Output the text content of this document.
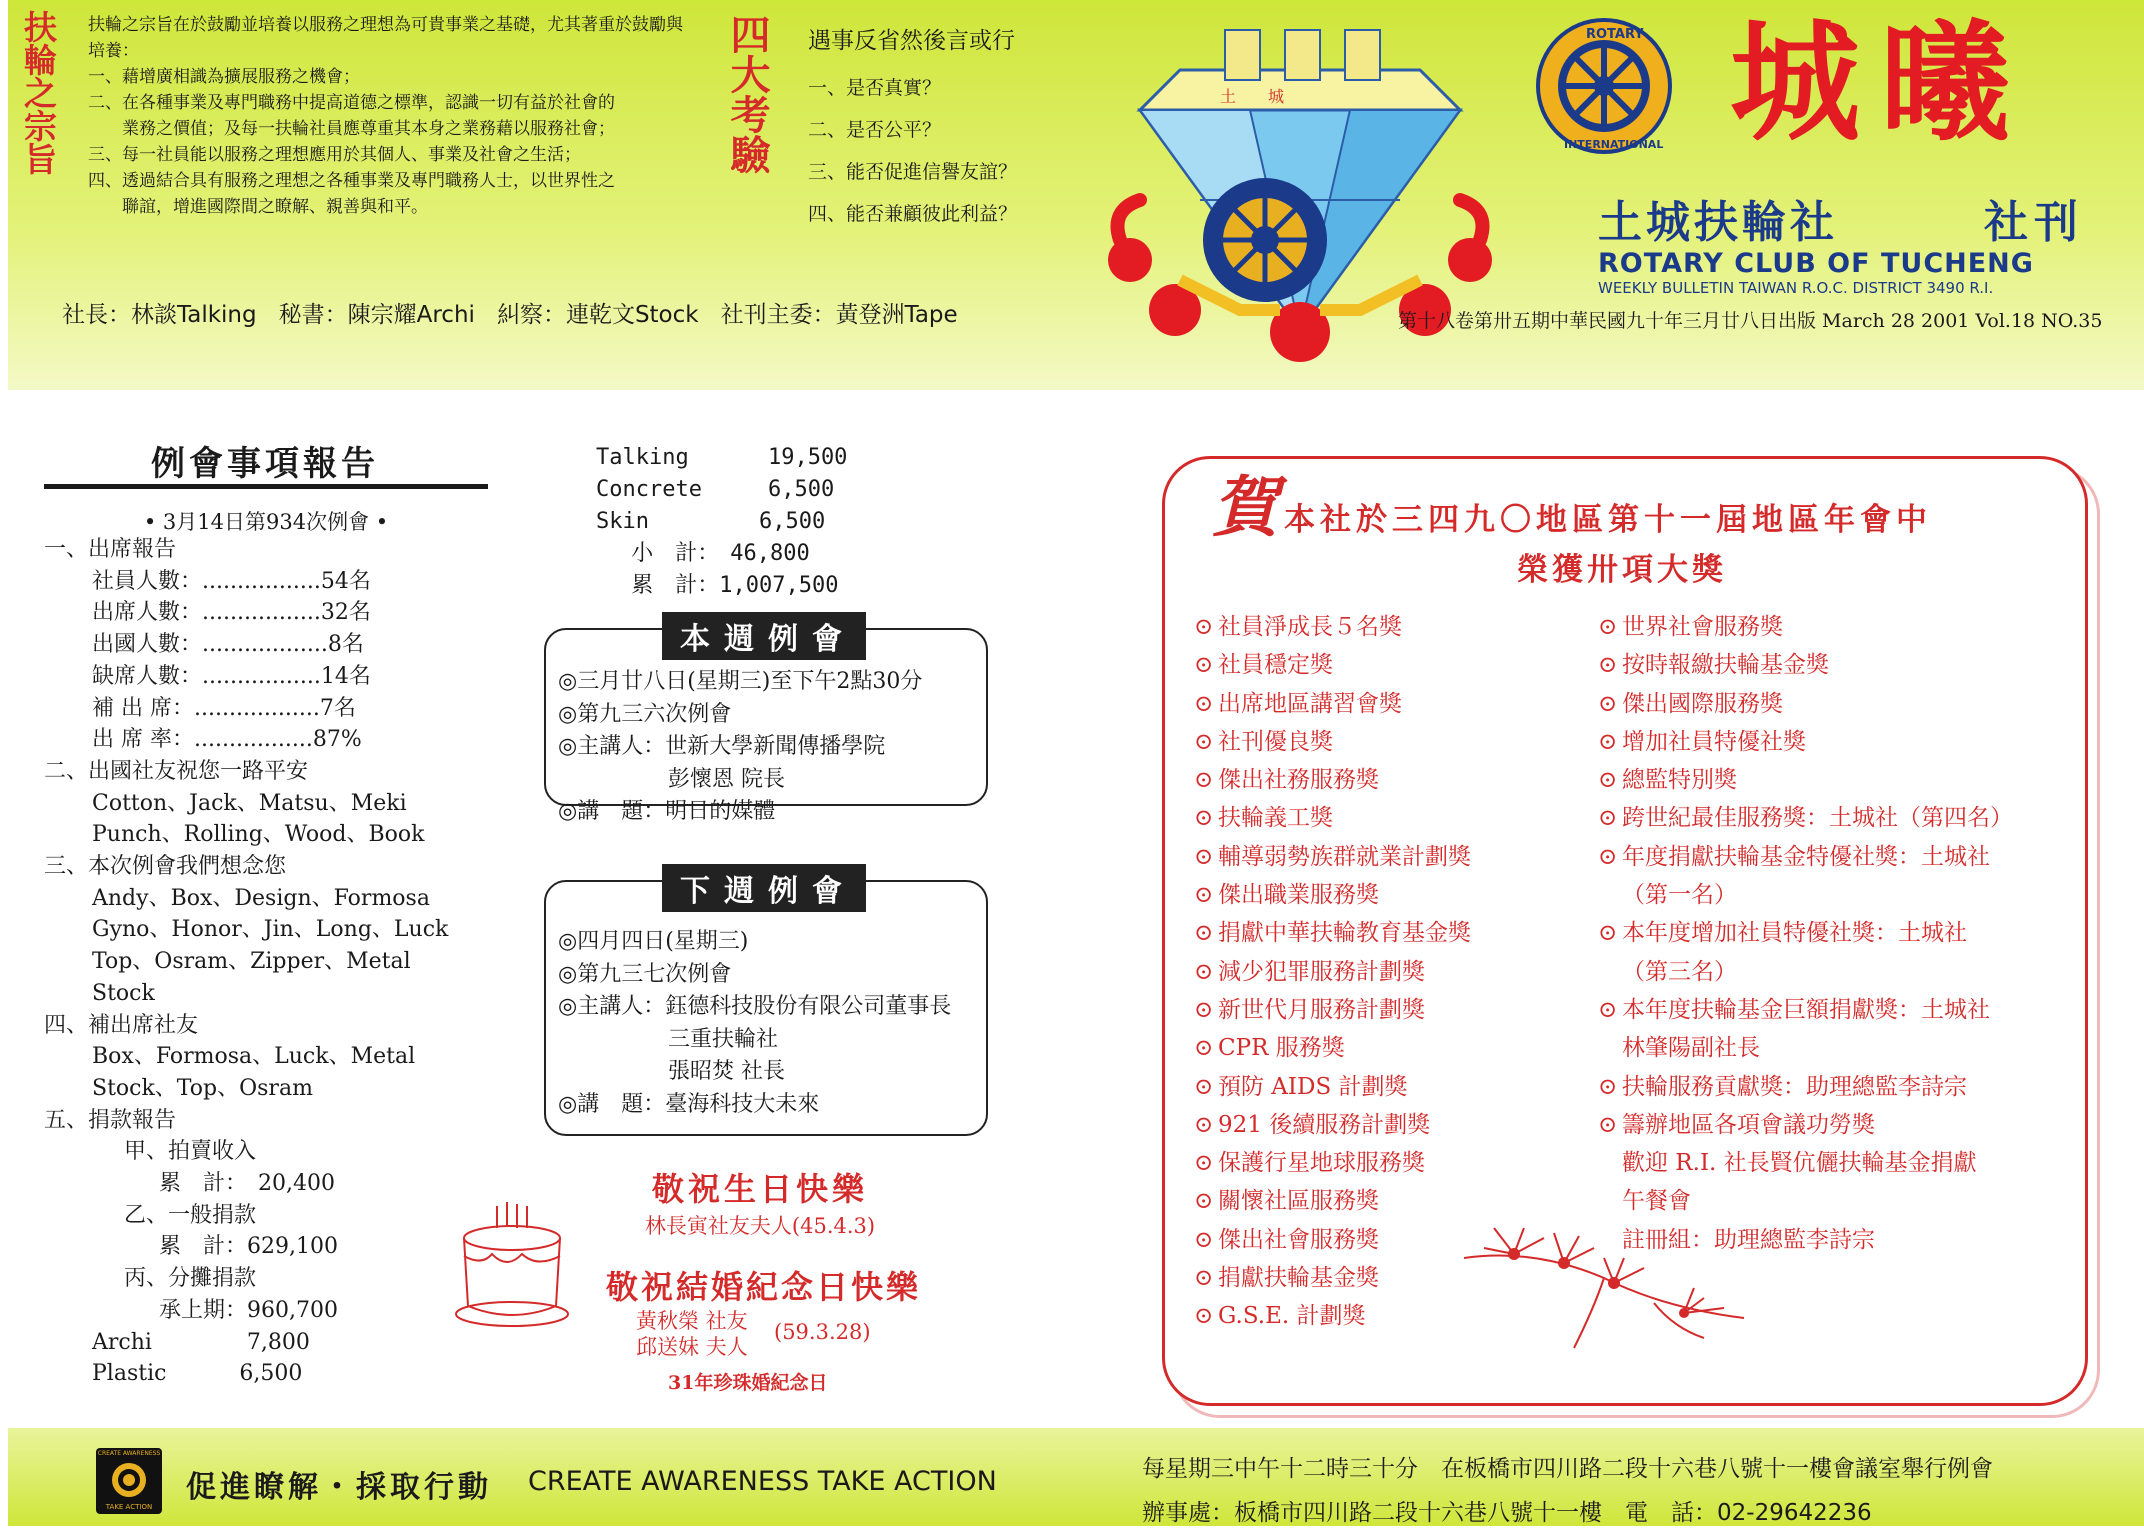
扶輪之宗旨 扶輪之宗旨在於鼓勵並培養以服務之理想為可貴事業之基礎，尤其著重於鼓勵與培養：
一、藉增廣相識為擴展服務之機會；
二、在各種事業及專門職務中提高道德之標準，認識一切有益於社會的
　　業務之價值；及每一扶輪社員應尊重其本身之業務藉以服務社會；
三、每一社員能以服務之理想應用於其個人、事業及社會之生活；
四、透過結合具有服務之理想之各種事業及專門職務人士，以世界性之
　　聯誼，增進國際間之瞭解、親善與和平。
四大考驗	遇事反省然後言或行
一、是否真實？
二、是否公平？
三、能否促進信譽友誼？
四、能否兼顧彼此利益？
社長：林談Talking 秘書：陳宗耀Archi 糾察：連乾文Stock 社刊主委：黃登洲Tape
土　　城
ROTARY
INTERNATIONAL 城曦
土城扶輪社	社刊
ROTARY CLUB OF TUCHENG
WEEKLY BULLETIN TAIWAN R.O.C. DISTRICT 3490 R.I.
第十八卷第卅五期中華民國九十年三月廿八日出版 March 28 2001 Vol.18 NO.35
例會事項報告
• 3月14日第934次例會 •
一、出席報告
社員人數：.................54名
出席人數：.................32名
出國人數：..................8名
缺席人數：.................14名
補 出 席：..................7名
出 席 率：.................87%
二、出國社友祝您一路平安
Cotton、Jack、Matsu、Meki
Punch、Rolling、Wood、Book
三、本次例會我們想念您
Andy、Box、Design、Formosa
Gyno、Honor、Jin、Long、Luck
Top、Osram、Zipper、Metal
Stock
四、補出席社友
Box、Formosa、Luck、Metal
Stock、Top、Osram
五、捐款報告
甲、拍賣收入
累　計：　20,400
乙、一般捐款
累　計：629,100
丙、分攤捐款
承上期：960,700
Archi　　　　 7,800
Plastic　　　 6,500
Talking　　　 19,500
Concrete　　　6,500
Skin　　　　　6,500
　 小　計：　46,800
　 累　計：1,007,500
本週例會
◎三月廿八日(星期三)至下午2點30分
◎第九三六次例會
◎主講人：世新大學新聞傳播學院
　　　　　彭懷恩 院長
◎講　題：明日的媒體
下週例會
◎四月四日(星期三)
◎第九三七次例會
◎主講人：鈺德科技股份有限公司董事長
　　　　　三重扶輪社
　　　　　張昭焚 社長
◎講　題：臺海科技大未來
敬祝生日快樂
林長寅社友夫人(45.4.3)
敬祝結婚紀念日快樂
黃秋榮 社友
邱送妹 夫人
(59.3.28)
31年珍珠婚紀念日
賀 本社於三四九〇地區第十一屆地區年會中
榮獲卅項大獎
⊙ 社員淨成長５名獎
⊙ 社員穩定獎
⊙ 出席地區講習會獎
⊙ 社刊優良獎
⊙ 傑出社務服務獎
⊙ 扶輪義工獎
⊙ 輔導弱勢族群就業計劃獎
⊙ 傑出職業服務獎
⊙ 捐獻中華扶輪教育基金獎
⊙ 減少犯罪服務計劃獎
⊙ 新世代月服務計劃獎
⊙ CPR 服務獎
⊙ 預防 AIDS 計劃獎
⊙ 921 後續服務計劃獎
⊙ 保護行星地球服務獎
⊙ 關懷社區服務獎
⊙ 傑出社會服務獎
⊙ 捐獻扶輪基金獎
⊙ G.S.E. 計劃獎
⊙ 世界社會服務獎
⊙ 按時報繳扶輪基金獎
⊙ 傑出國際服務獎
⊙ 增加社員特優社獎
⊙ 總監特別獎
⊙ 跨世紀最佳服務獎：土城社（第四名）
⊙ 年度捐獻扶輪基金特優社獎：土城社
（第一名）
⊙ 本年度增加社員特優社獎：土城社
（第三名）
⊙ 本年度扶輪基金巨額捐獻獎：土城社
林肇陽副社長
⊙ 扶輪服務貢獻獎：助理總監李詩宗
⊙ 籌辦地區各項會議功勞獎
歡迎 R.I. 社長賢伉儷扶輪基金捐獻
午餐會
註冊組：助理總監李詩宗
CREATE AWARENESS
TAKE ACTION
促進瞭解・採取行動 CREATE AWARENESS TAKE ACTION	每星期三中午十二時三十分　在板橋市四川路二段十六巷八號十一樓會議室舉行例會
辦事處：板橋市四川路二段十六巷八號十一樓　電　話：02-29642236
